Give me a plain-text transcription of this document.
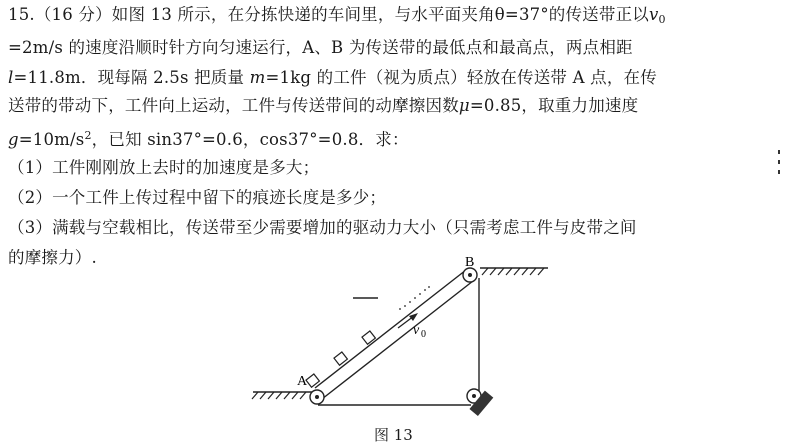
15.（16 分）如图 13 所示，在分拣快递的车间里，与水平面夹角θ=37°的传送带正以$v_0$
=2m/s 的速度沿顺时针方向匀速运行，A、B 为传送带的最低点和最高点，两点相距
l=11.8m．现每隔 2.5s 把质量 m=1kg 的工件（视为质点）轻放在传送带 A 点，在传
送带的带动下，工件向上运动，工件与传送带间的动摩擦因数μ=0.85，取重力加速度
$g=10m/s^2$，已知 sin37°=0.6，cos37°=0.8．求：
（1）工件刚刚放上去时的加速度是多大；
（2）一个工件上传过程中留下的痕迹长度是多少；
（3）满载与空载相比，传送带至少需要增加的驱动力大小（只需考虑工件与皮带之间
的摩擦力）.
A
B
v 0
图 13
